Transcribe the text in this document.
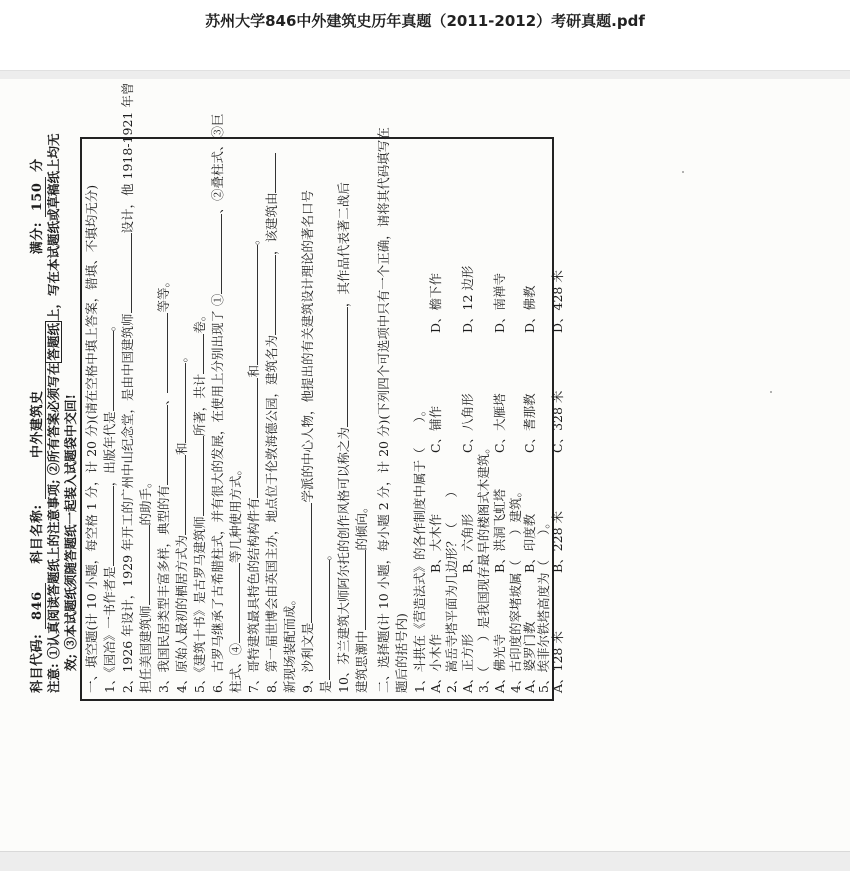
苏州大学846中外建筑史历年真题（2011-2012）考研真题.pdf
科目代码: 846 科目名称: 中外建筑史 满分: 150 分
注意: ①认真阅读答题纸上的注意事项; ②所有答案必须写在答题纸上，写在本试题纸或草稿纸上均无
效; ③本试题纸须随答题纸一起装入试题袋中交回! 一、填空题(计 10 小题，每空格 1 分，计 20 分)(请在空格中填上答案，错填、不填均无分) 1、《园冶》一书作者是，出版年代是。 2、1926 年设计，1929 年开工的广州中山纪念堂，是由中国建筑师设计，他 1918-1921 年曾
担任美国建筑师的助手。 3、我国民居类型丰富多样，典型的有、等等。
4、原始人最初的栖居方式为和。
5、《建筑十书》是古罗马建筑师所著，共计卷。 6、古罗马继承了古希腊柱式，并有很大的发展，在使用上分别出现了 ①、②叠柱式、③巨
柱式、④等几种使用方式。 7、哥特建筑最具特色的结构构件有和。
8、第一届世博会由英国主办，地点位于伦敦海德公园，建筑名为，该建筑由
新现场装配而成。 9、沙利文是学派的中心人物，他提出的有关建筑设计理论的著名口号
是。 10、芬兰建筑大师阿尔托的创作风格可以称之为，其作品代表著二战后
建筑思潮中的倾向。 二、选择题(计 10 小题，每小题 2 分，计 20 分)(下列四个可选项中只有一个正确，请将其代码填写在 题后的括号内) 1、斗拱在《营造法式》的各作制度中属于（　　）。 A、小木作B、大木作C、铺作D、檐下作
2、嵩岳寺塔平面为几边形？（　　） A、正方形B、六角形C、八角形D、12 边形
3、（　　）是我国现存最早的楼阁式木建筑。 A、佛光寺B、洪洞飞虹塔C、大雁塔D、南禅寺
4、古印度的窣堵坡属（　　）建筑。 A、婆罗门教B、印度教C、耆那教D、佛教
5、埃菲尔铁塔高度为（　　）。 A、128 米B、228 米C、328 米D、428 米
